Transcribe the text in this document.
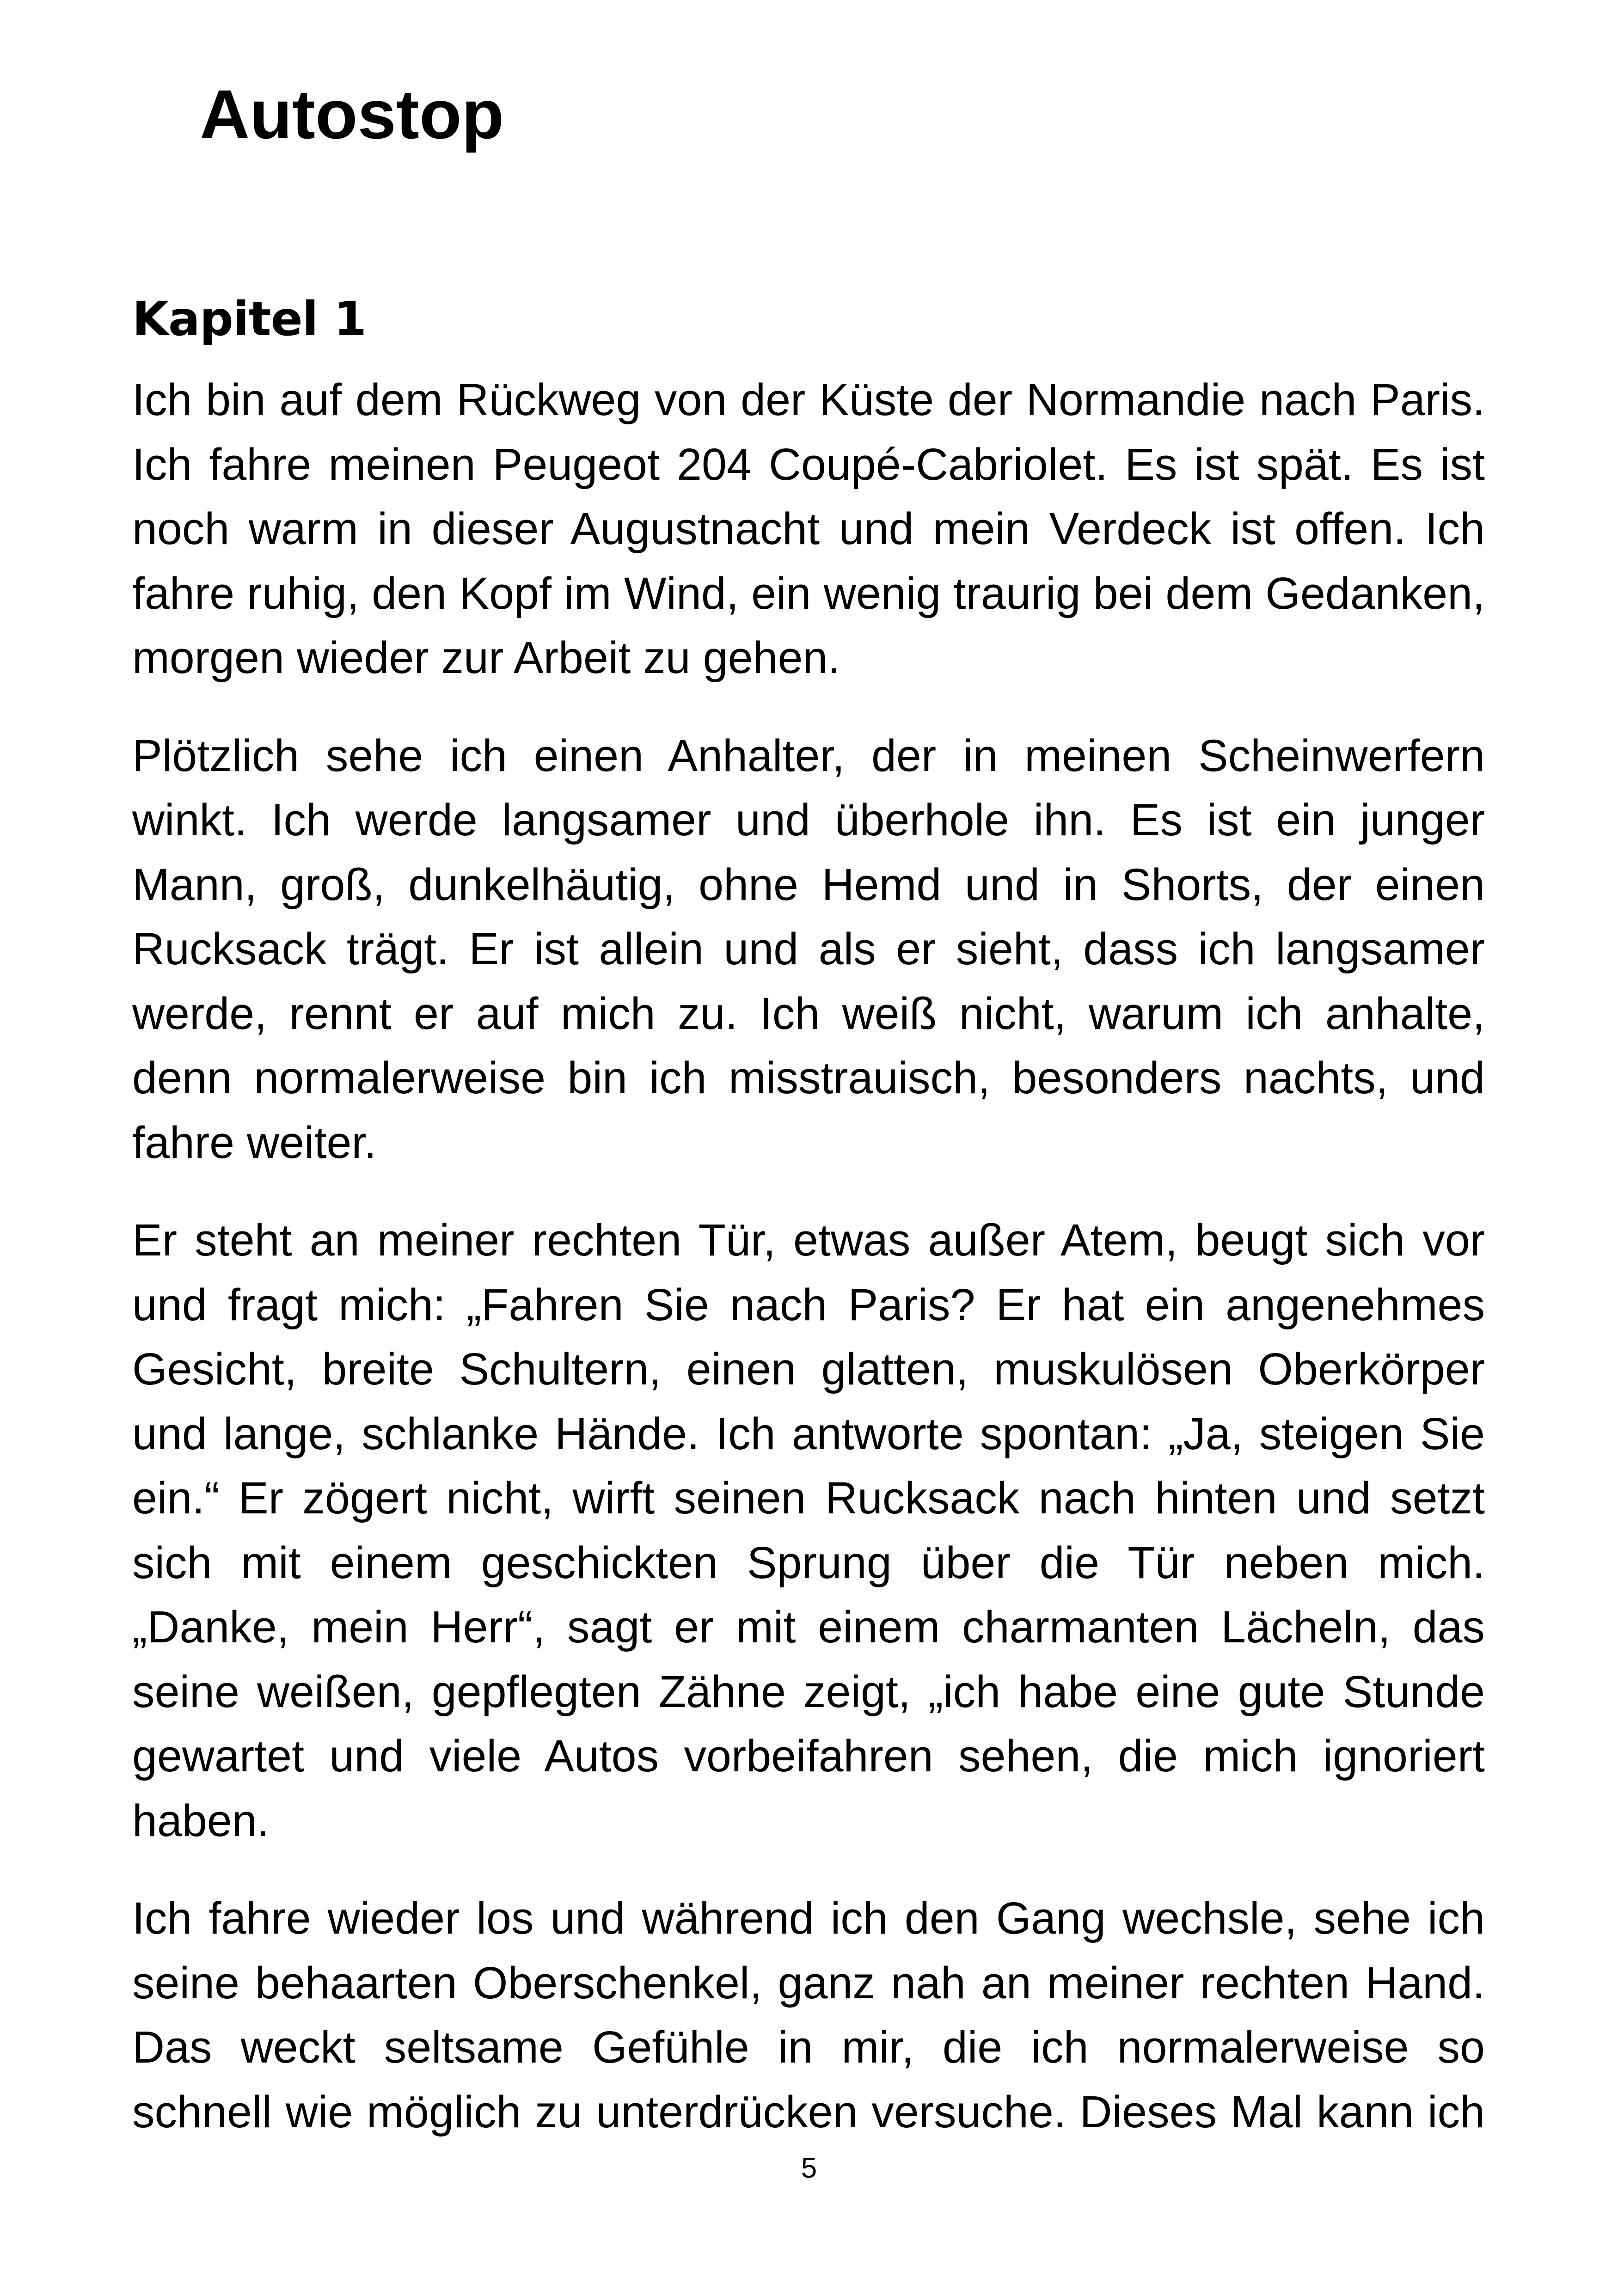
Autostop
Kapitel 1

Ich bin auf dem Rückweg von der Küste der Normandie nach Paris. Ich fahre meinen Peugeot 204 Coupé-Cabriolet. Es ist spät. Es ist noch warm in dieser Augustnacht und mein Verdeck ist offen. Ich fahre ruhig, den Kopf im Wind, ein wenig traurig bei dem Gedanken, morgen wieder zur Arbeit zu gehen.

Plötzlich sehe ich einen Anhalter, der in meinen Scheinwerfern winkt. Ich werde langsamer und überhole ihn. Es ist ein junger Mann, groß, dunkelhäutig, ohne Hemd und in Shorts, der einen Rucksack trägt. Er ist allein und als er sieht, dass ich langsamer werde, rennt er auf mich zu. Ich weiß nicht, warum ich anhalte, denn normalerweise bin ich misstrauisch, besonders nachts, und fahre weiter.

Er steht an meiner rechten Tür, etwas außer Atem, beugt sich vor und fragt mich: „Fahren Sie nach Paris? Er hat ein angenehmes Gesicht, breite Schultern, einen glatten, muskulösen Oberkörper und lange, schlanke Hände. Ich antworte spontan: „Ja, steigen Sie ein.“ Er zögert nicht, wirft seinen Rucksack nach hinten und setzt sich mit einem geschickten Sprung über die Tür neben mich. „Danke, mein Herr“, sagt er mit einem charmanten Lächeln, das seine weißen, gepflegten Zähne zeigt, „ich habe eine gute Stunde gewartet und viele Autos vorbeifahren sehen, die mich ignoriert haben.

Ich fahre wieder los und während ich den Gang wechsle, sehe ich seine behaarten Oberschenkel, ganz nah an meiner rechten Hand. Das weckt seltsame Gefühle in mir, die ich normalerweise so schnell wie möglich zu unterdrücken versuche. Dieses Mal kann ich

5
